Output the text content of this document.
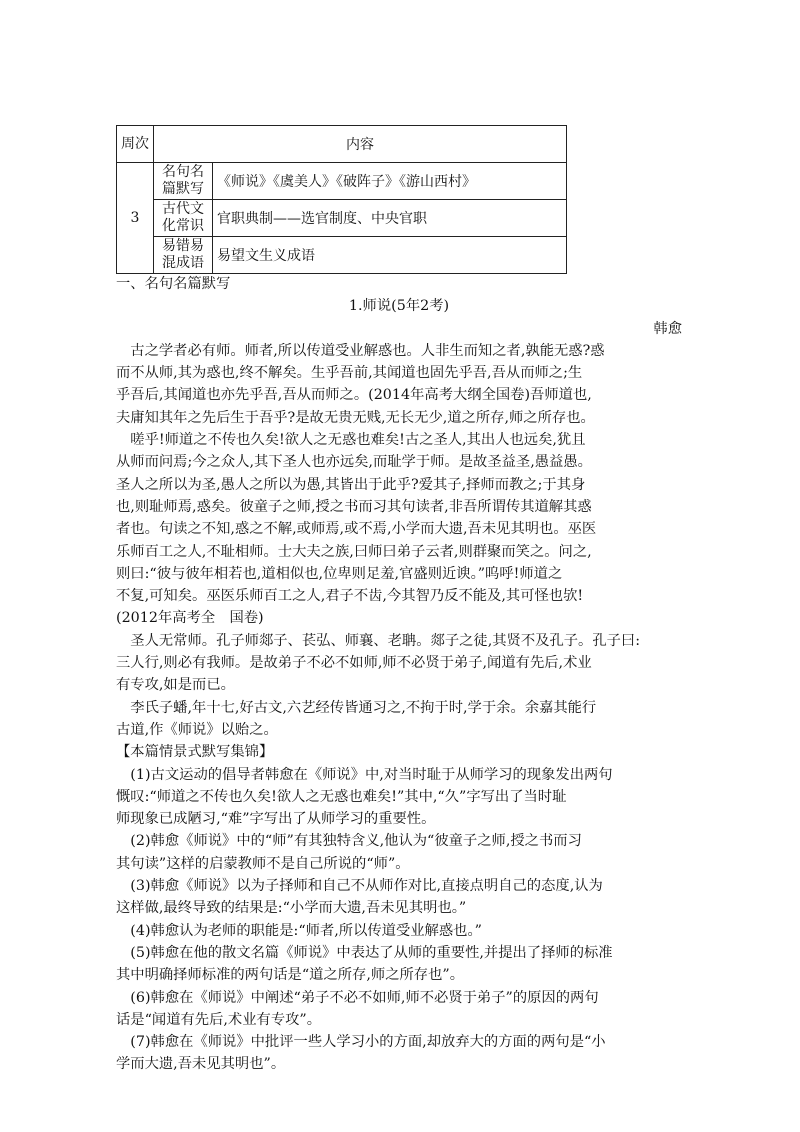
周次	内容	
3	名句名篇默写	《师说》《虞美人》《破阵子》《游山西村》
	古代文化常识	官职典制——选官制度、中央官职
	易错易混成语	易望文生义成语
一、名句名篇默写
1.师说(5年2考)
韩愈
　古之学者必有师。师者,所以传道受业解惑也。人非生而知之者,孰能无惑?惑
而不从师,其为惑也,终不解矣。生乎吾前,其闻道也固先乎吾,吾从而师之;生
乎吾后,其闻道也亦先乎吾,吾从而师之。(2014年高考大纲全国卷)吾师道也,
夫庸知其年之先后生于吾乎?是故无贵无贱,无长无少,道之所存,师之所存也。
　嗟乎!师道之不传也久矣!欲人之无惑也难矣!古之圣人,其出人也远矣,犹且
从师而问焉;今之众人,其下圣人也亦远矣,而耻学于师。是故圣益圣,愚益愚。
圣人之所以为圣,愚人之所以为愚,其皆出于此乎?爱其子,择师而教之;于其身
也,则耻师焉,惑矣。彼童子之师,授之书而习其句读者,非吾所谓传其道解其惑
者也。句读之不知,惑之不解,或师焉,或不焉,小学而大遗,吾未见其明也。巫医
乐师百工之人,不耻相师。士大夫之族,曰师曰弟子云者,则群聚而笑之。问之,
则曰:“彼与彼年相若也,道相似也,位卑则足羞,官盛则近谀。”呜呼!师道之
不复,可知矣。巫医乐师百工之人,君子不齿,今其智乃反不能及,其可怪也欤!
(2012年高考全　国卷)
　圣人无常师。孔子师郯子、苌弘、师襄、老聃。郯子之徒,其贤不及孔子。孔子曰:
三人行,则必有我师。是故弟子不必不如师,师不必贤于弟子,闻道有先后,术业
有专攻,如是而已。
　李氏子蟠,年十七,好古文,六艺经传皆通习之,不拘于时,学于余。余嘉其能行
古道,作《师说》以贻之。
【本篇情景式默写集锦】
　(1)古文运动的倡导者韩愈在《师说》中,对当时耻于从师学习的现象发出两句
慨叹:“师道之不传也久矣!欲人之无惑也难矣!”其中,“久”字写出了当时耻
师现象已成陋习,“难”字写出了从师学习的重要性。
　(2)韩愈《师说》中的“师”有其独特含义,他认为“彼童子之师,授之书而习
其句读”这样的启蒙教师不是自己所说的“师”。
　(3)韩愈《师说》以为子择师和自己不从师作对比,直接点明自己的态度,认为
这样做,最终导致的结果是:“小学而大遗,吾未见其明也。”
　(4)韩愈认为老师的职能是:“师者,所以传道受业解惑也。”
　(5)韩愈在他的散文名篇《师说》中表达了从师的重要性,并提出了择师的标准
其中明确择师标准的两句话是“道之所存,师之所存也”。
　(6)韩愈在《师说》中阐述“弟子不必不如师,师不必贤于弟子”的原因的两句
话是“闻道有先后,术业有专攻”。
　(7)韩愈在《师说》中批评一些人学习小的方面,却放弃大的方面的两句是“小
学而大遗,吾未见其明也”。
